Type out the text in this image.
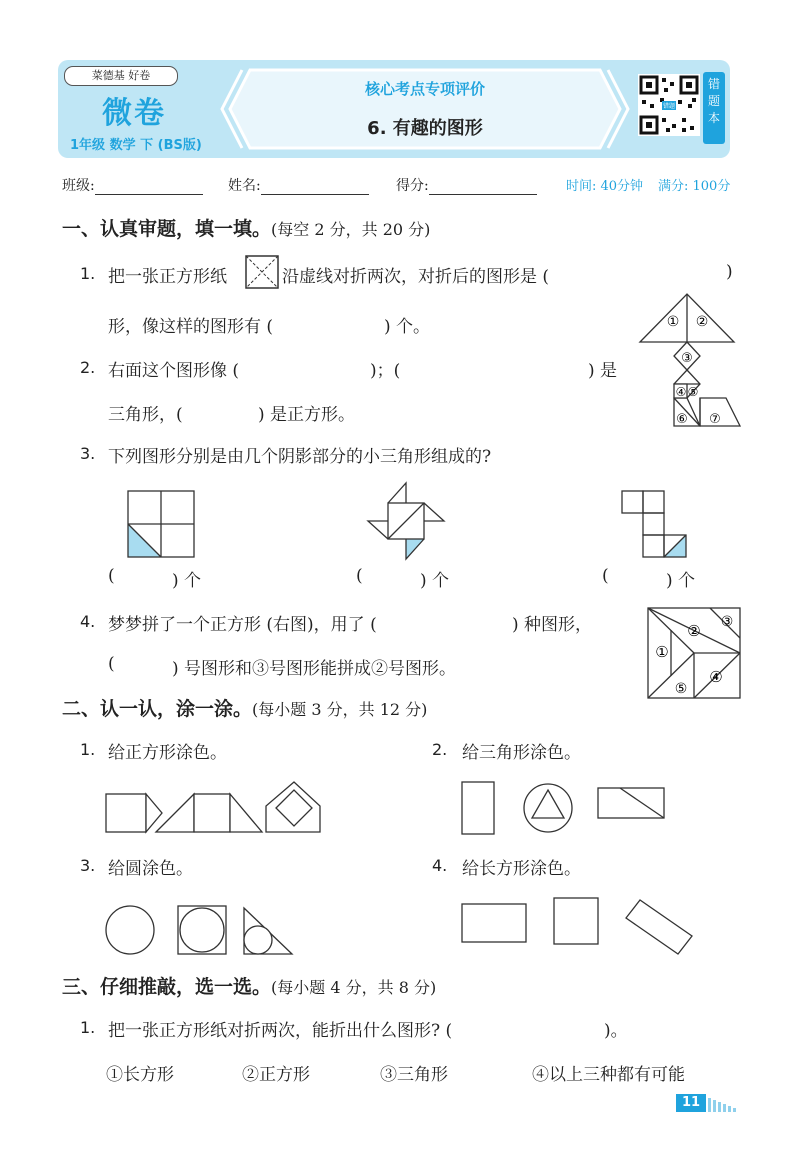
菜德基 好卷
微卷
1年级 数学 下 (BS版)
核心考点专项评价
6. 有趣的图形
错题
错
题
本
班级:	姓名:	得分:	时间: 40分钟 满分: 100分
一、认真审题，填一填。(每空 2 分，共 20 分)
1. 把一张正方形纸	沿虚线对折两次，对折后的图形是 (	)
形，像这样的图形有 (	) 个。
2. 右面这个图形像 (	)；(	) 是
三角形，(	) 是正方形。
① ②
③
④ ⑤
⑥ ⑦
3. 下列图形分别是由几个阴影部分的小三角形组成的?
(	) 个	(	) 个	(	) 个
4. 梦梦拼了一个正方形 (右图)，用了 (	) 种图形，
(	) 号图形和③号图形能拼成②号图形。
①
② ③
④
⑤
二、认一认，涂一涂。(每小题 3 分，共 12 分)
1. 给正方形涂色。	2. 给三角形涂色。
3. 给圆涂色。	4. 给长方形涂色。
三、仔细推敲，选一选。(每小题 4 分，共 8 分)
1. 把一张正方形纸对折两次，能折出什么图形? (	)。
①长方形	②正方形	③三角形	④以上三种都有可能
11
